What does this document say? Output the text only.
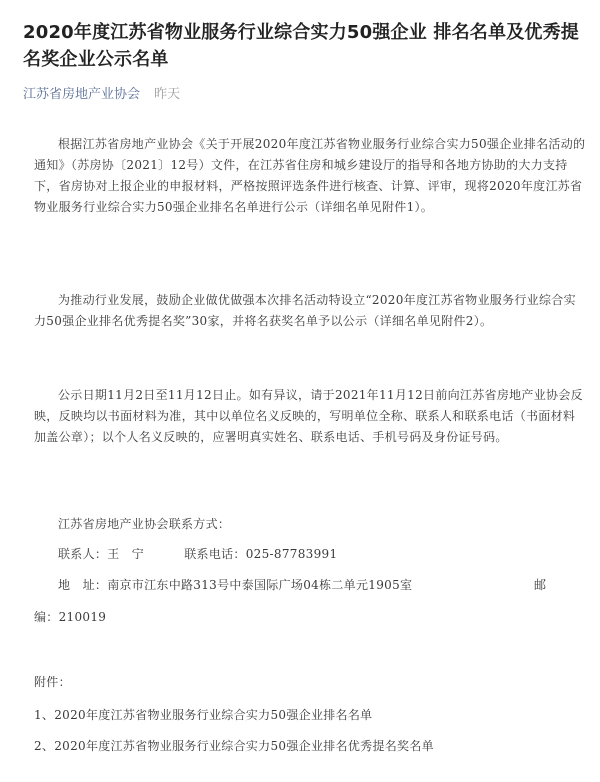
2020年度江苏省物业服务行业综合实力50强企业 排名名单及优秀提名奖企业公示名单
江苏省房地产业协会 昨天

根据江苏省房地产业协会《关于开展2020年度江苏省物业服务行业综合实力50强企业排名活动的通知》（苏房协〔2021〕12号）文件，在江苏省住房和城乡建设厅的指导和各地方协助的大力支持下，省房协对上报企业的申报材料，严格按照评选条件进行核查、计算、评审，现将2020年度江苏省物业服务行业综合实力50强企业排名名单进行公示（详细名单见附件1）。

为推动行业发展，鼓励企业做优做强本次排名活动特设立“2020年度江苏省物业服务行业综合实力50强企业排名优秀提名奖”30家，并将名获奖名单予以公示（详细名单见附件2）。

公示日期11月2日至11月12日止。如有异议，请于2021年11月12日前向江苏省房地产业协会反映，反映均以书面材料为准，其中以单位名义反映的，写明单位全称、联系人和联系电话（书面材料加盖公章）；以个人名义反映的，应署明真实姓名、联系电话、手机号码及身份证号码。

江苏省房地产业协会联系方式：
联系人：王　宁	联系电话：025-87783991
地　址：南京市江东中路313号中泰国际广场04栋二单元1905室	邮
编：210019
附件：
1、2020年度江苏省物业服务行业综合实力50强企业排名名单
2、2020年度江苏省物业服务行业综合实力50强企业排名优秀提名奖名单
